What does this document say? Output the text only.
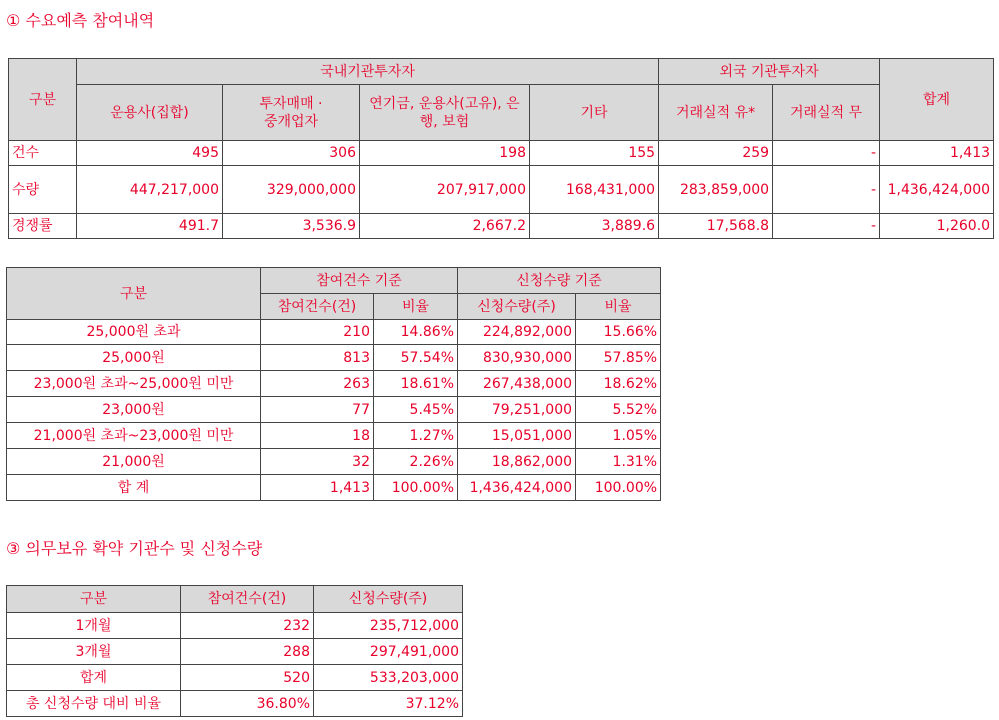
① 수요예측 참여내역
구분	국내기관투자자				외국 기관투자자		합계
	운용사(집합)	투자매매 · 중개업자	연기금, 운용사(고유), 은행, 보험	기타	거래실적 유*	거래실적 무	
건수	495	306	198	155	259	-	1,413
수량	447,217,000	329,000,000	207,917,000	168,431,000	283,859,000	-	1,436,424,000
경쟁률	491.7	3,536.9	2,667.2	3,889.6	17,568.8	-	1,260.0
구분	참여건수 기준		신청수량 기준	
	참여건수(건)	비율	신청수량(주)	비율
25,000원 초과	210	14.86%	224,892,000	15.66%
25,000원	813	57.54%	830,930,000	57.85%
23,000원 초과~25,000원 미만	263	18.61%	267,438,000	18.62%
23,000원	77	5.45%	79,251,000	5.52%
21,000원 초과~23,000원 미만	18	1.27%	15,051,000	1.05%
21,000원	32	2.26%	18,862,000	1.31%
합 계	1,413	100.00%	1,436,424,000	100.00%
③ 의무보유 확약 기관수 및 신청수량
구분	참여건수(건)	신청수량(주)
1개월	232	235,712,000
3개월	288	297,491,000
합계	520	533,203,000
총 신청수량 대비 비율	36.80%	37.12%
